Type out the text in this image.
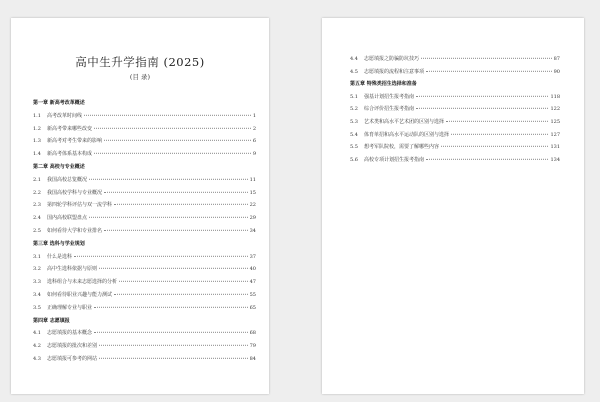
高中生升学指南 (2025)
(目 录)
第一章 新高考改革概述
1.1 高考改革时间线	1
1.2 新高考带来哪些改变	2
1.3 新高考对考生带来的影响	6
1.4 新高考体系基本构成	9
第二章 高校与专业概述
2.1 我国高校总览概况	11
2.2 我国高校学科与专业概况	15
2.3 第四轮学科评估与双一流学科	22
2.4 国内高校联盟盘点	29
2.5 如何看待大学和专业排名	34
第三章 选科与学业规划
3.1 什么是选科	37
3.2 高中生选科依据与原则	40
3.3 选科组合与未来志愿选择的分析	47
3.4 如何看待职业兴趣与能力测试	55
3.5 正确理解专业与职业	65
第四章 志愿填报
4.1 志愿填报的基本概念	68
4.2 志愿填报的批次和差别	79
4.3 志愿填报可参考的网站	84
4.4 志愿填报之防骗防坑技巧	87
4.5 志愿填报的流程和注意事项	90
第五章 特殊类招生选择和准备
5.1 强基计划招生报考指南	118
5.2 综合评价招生报考指南	122
5.3 艺术类和高水平艺术团的区别与选择	125
5.4 体育单招和高水平运动队的区别与选择	127
5.5 想考军队院校，需要了解哪些内容	131
5.6 高校专项计划招生报考指南	134
